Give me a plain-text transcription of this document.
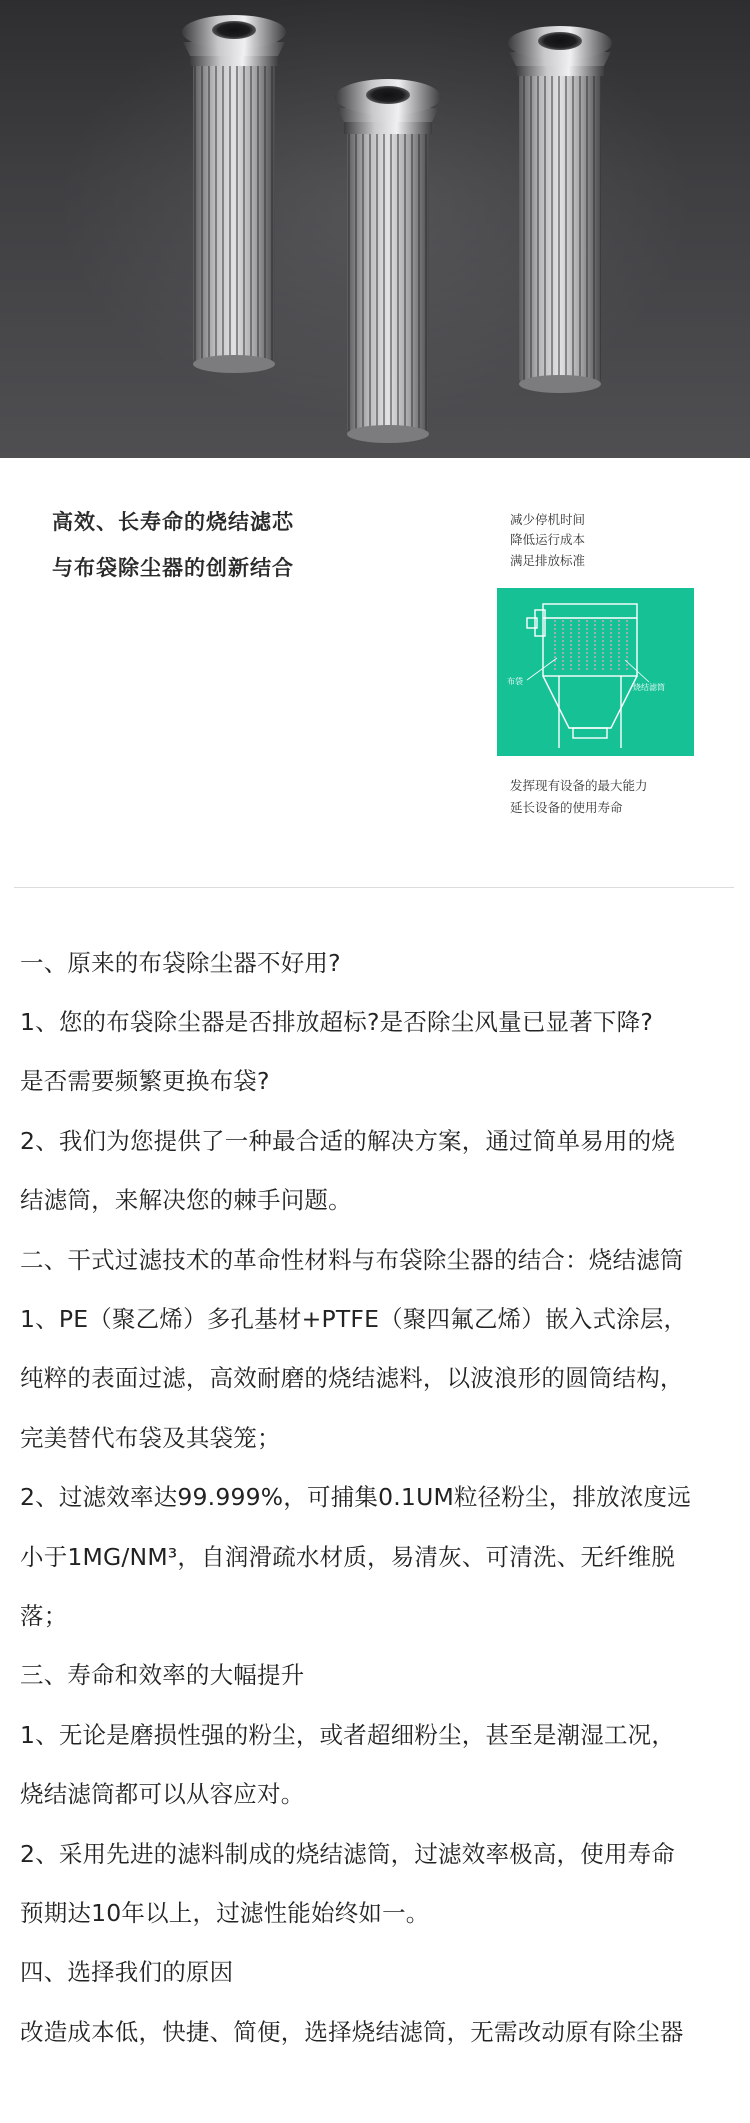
高效、长寿命的烧结滤芯
与布袋除尘器的创新结合
减少停机时间
降低运行成本
满足排放标准
布袋
烧结滤筒
发挥现有设备的最大能力
延长设备的使用寿命
一、原来的布袋除尘器不好用?
1、您的布袋除尘器是否排放超标?是否除尘风量已显著下降?
是否需要频繁更换布袋?
2、我们为您提供了一种最合适的解决方案，通过简单易用的烧
结滤筒，来解决您的棘手问题。
二、干式过滤技术的革命性材料与布袋除尘器的结合：烧结滤筒
1、PE（聚乙烯）多孔基材+PTFE（聚四氟乙烯）嵌入式涂层，
纯粹的表面过滤，高效耐磨的烧结滤料，以波浪形的圆筒结构，
完美替代布袋及其袋笼；
2、过滤效率达99.999%，可捕集0.1UM粒径粉尘，排放浓度远
小于1MG/NM³，自润滑疏水材质，易清灰、可清洗、无纤维脱
落；
三、寿命和效率的大幅提升
1、无论是磨损性强的粉尘，或者超细粉尘，甚至是潮湿工况，
烧结滤筒都可以从容应对。
2、采用先进的滤料制成的烧结滤筒，过滤效率极高，使用寿命
预期达10年以上，过滤性能始终如一。
四、选择我们的原因
改造成本低，快捷、简便，选择烧结滤筒，无需改动原有除尘器
